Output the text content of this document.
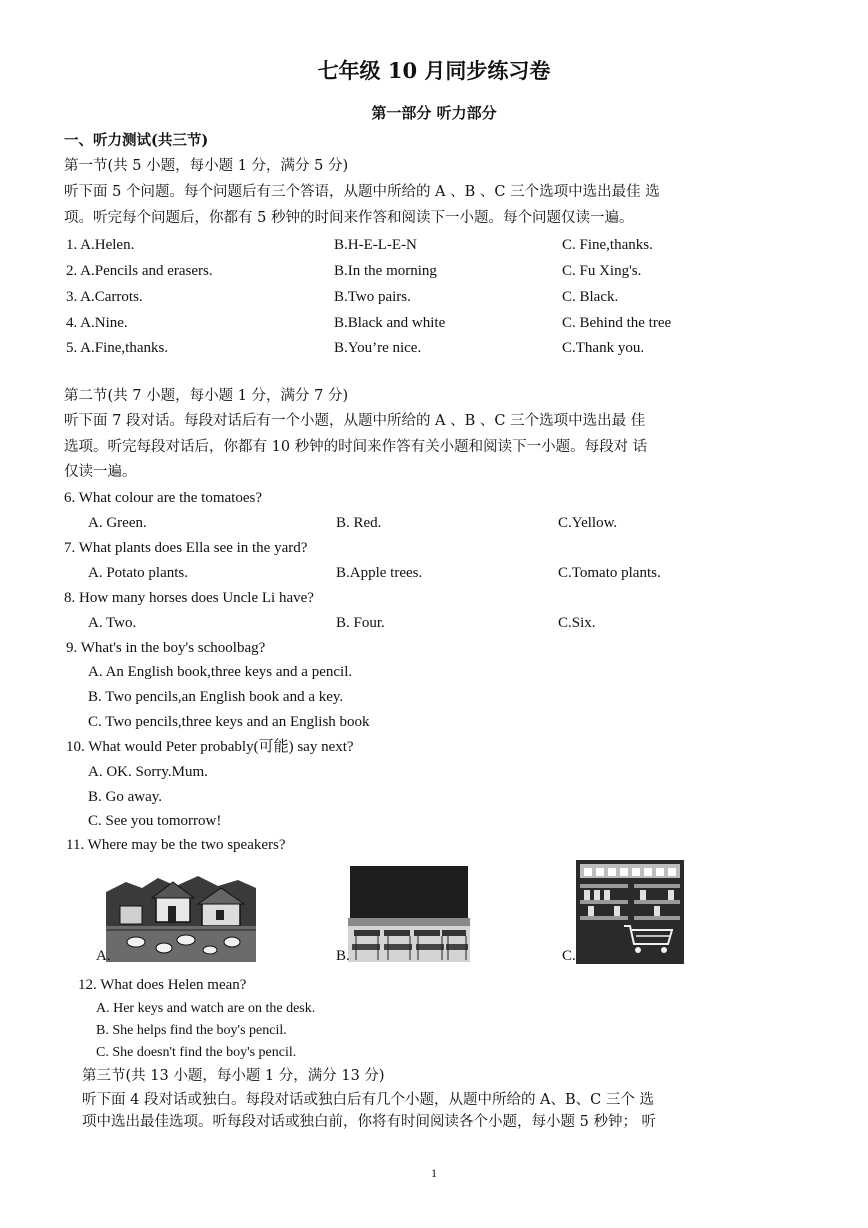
七年级 10 月同步练习卷
第一部分 听力部分
一、听力测试(共三节)
第一节(共 5 小题，每小题 1 分，满分 5 分)
听下面 5 个问题。每个问题后有三个答语，从题中所给的 A 、B 、C 三个选项中选出最佳 选
项。听完每个问题后，你都有 5 秒钟的时间来作答和阅读下一小题。每个问题仅读一遍。
1. A.Helen.	B.H-E-L-E-N	C. Fine,thanks.
2. A.Pencils and erasers.	B.In the morning	C. Fu Xing's.
3. A.Carrots.	B.Two pairs.	C. Black.
4. A.Nine.	B.Black and white	C. Behind the tree
5. A.Fine,thanks.	B.You’re nice.	C.Thank you.
第二节(共 7 小题，每小题 1 分，满分 7 分)
听下面 7 段对话。每段对话后有一个小题，从题中所给的 A 、B 、C 三个选项中选出最 佳
选项。听完每段对话后，你都有 10 秒钟的时间来作答有关小题和阅读下一小题。每段对 话
仅读一遍。
6. What colour are the tomatoes?
A. Green.	B. Red.	C.Yellow.
7. What plants does Ella see in the yard?
A. Potato plants.	B.Apple trees.	C.Tomato plants.
8. How many horses does Uncle Li have?
A. Two.	B. Four.	C.Six.
9. What's in the boy's schoolbag?
A. An English book,three keys and a pencil.
B. Two pencils,an English book and a key.
C. Two pencils,three keys and an English book
10. What would Peter probably(可能) say next?
A. OK. Sorry.Mum.
B. Go away.
C. See you tomorrow!
11. Where may be the two speakers?
A.	B.	C.
12. What does Helen mean?
A. Her keys and watch are on the desk.
B. She helps find the boy's pencil.
C. She doesn't find the boy's pencil.
第三节(共 13 小题，每小题 1 分，满分 13 分)
听下面 4 段对话或独白。每段对话或独白后有几个小题，从题中所给的 A、B、C 三个 选
项中选出最佳选项。听每段对话或独白前，你将有时间阅读各个小题，每小题 5 秒钟； 听
1
